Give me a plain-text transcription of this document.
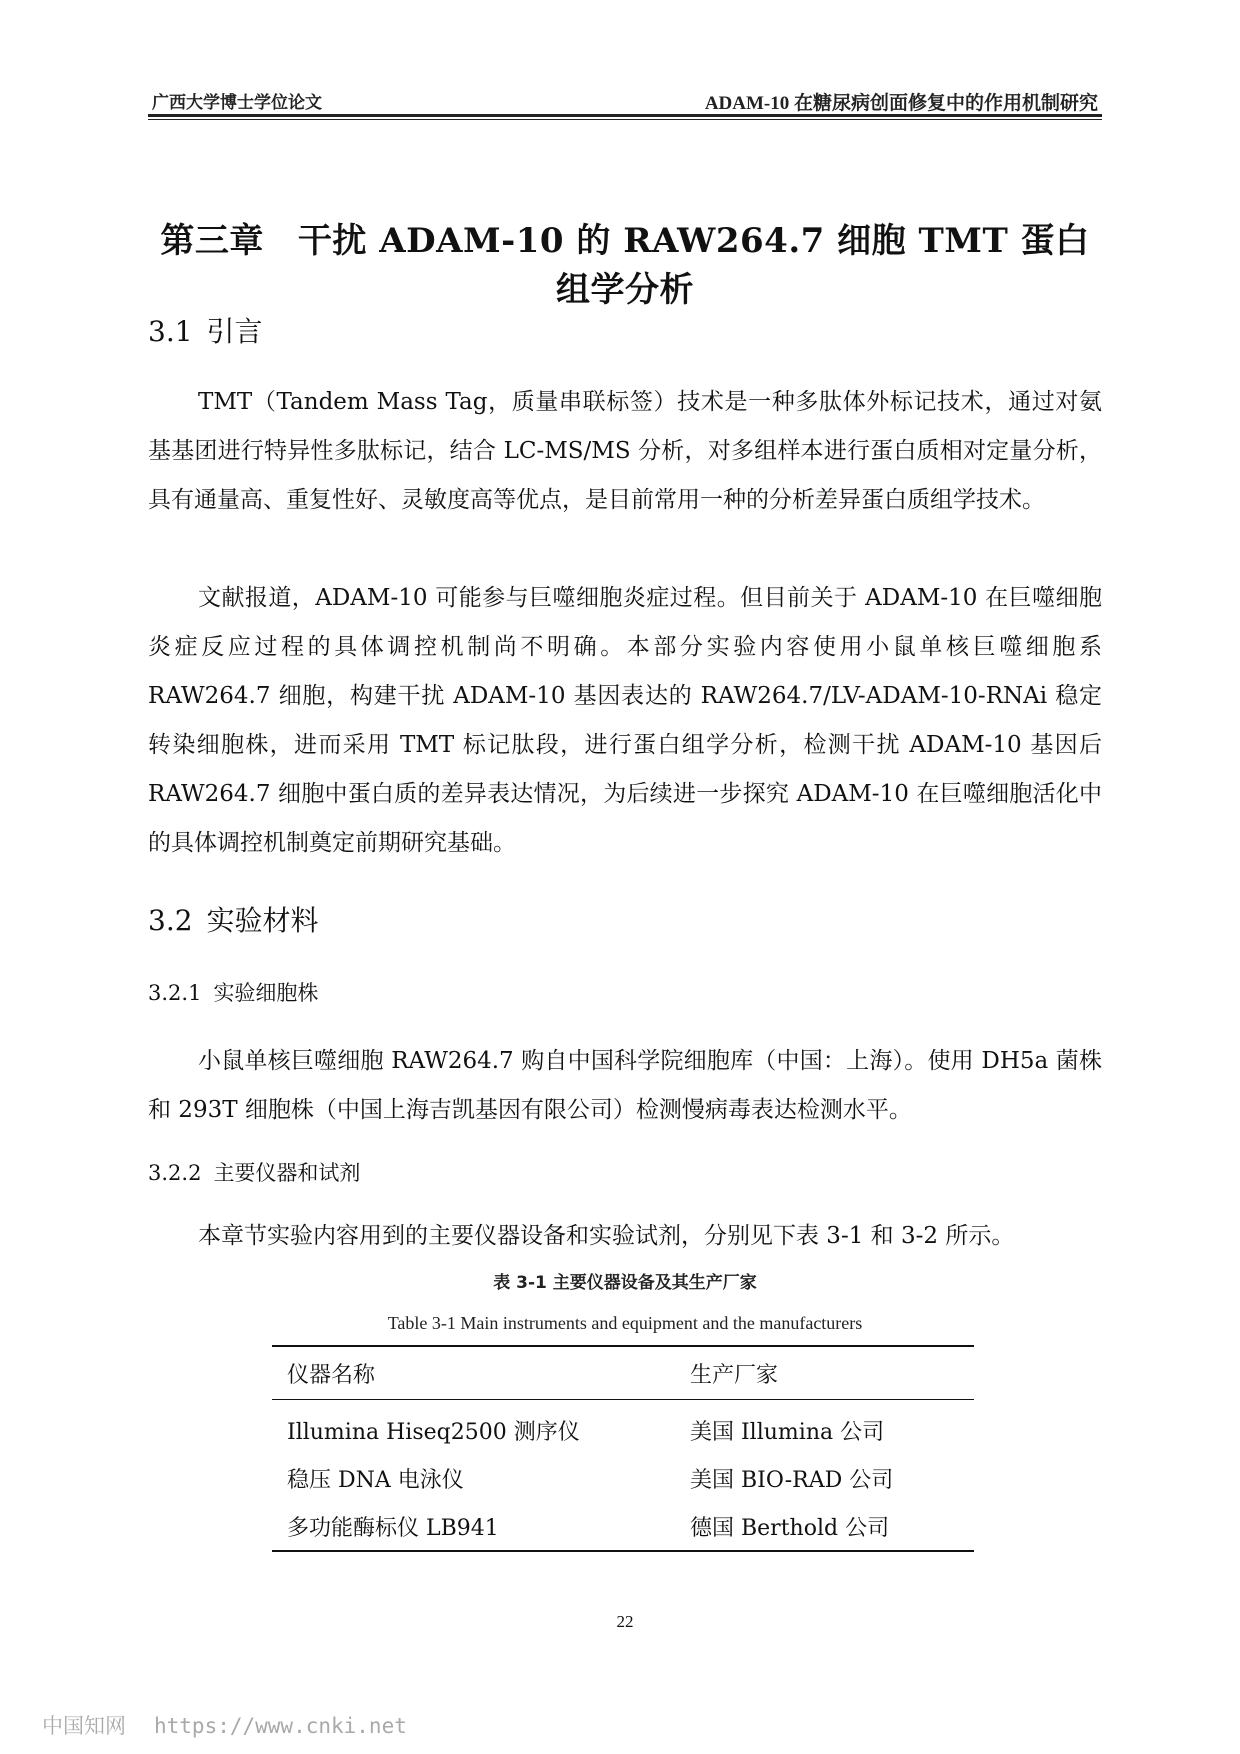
广西大学博士学位论文	ADAM-10 在糖尿病创面修复中的作用机制研究
第三章 干扰 ADAM-10 的 RAW264.7 细胞 TMT 蛋白组学分析
3.1 引言

TMT（Tandem Mass Tag，质量串联标签）技术是一种多肽体外标记技术，通过对氨基基团进行特异性多肽标记，结合 LC-MS/MS 分析，对多组样本进行蛋白质相对定量分析，具有通量高、重复性好、灵敏度高等优点，是目前常用一种的分析差异蛋白质组学技术。

文献报道，ADAM-10 可能参与巨噬细胞炎症过程。但目前关于 ADAM-10 在巨噬细胞炎症反应过程的具体调控机制尚不明确。本部分实验内容使用小鼠单核巨噬细胞系 RAW264.7 细胞，构建干扰 ADAM-10 基因表达的 RAW264.7/LV-ADAM-10-RNAi 稳定转染细胞株，进而采用 TMT 标记肽段，进行蛋白组学分析，检测干扰 ADAM-10 基因后 RAW264.7 细胞中蛋白质的差异表达情况，为后续进一步探究 ADAM-10 在巨噬细胞活化中的具体调控机制奠定前期研究基础。

3.2 实验材料
3.2.1 实验细胞株

小鼠单核巨噬细胞 RAW264.7 购自中国科学院细胞库（中国：上海）。使用 DH5a 菌株和 293T 细胞株（中国上海吉凯基因有限公司）检测慢病毒表达检测水平。

3.2.2 主要仪器和试剂

本章节实验内容用到的主要仪器设备和实验试剂，分别见下表 3-1 和 3-2 所示。

表 3-1 主要仪器设备及其生产厂家
Table 3-1 Main instruments and equipment and the manufacturers
仪器名称	生产厂家
Illumina Hiseq2500 测序仪	美国 Illumina 公司
稳压 DNA 电泳仪	美国 BIO-RAD 公司
多功能酶标仪 LB941	德国 Berthold 公司
22
中国知网 https://www.cnki.net
